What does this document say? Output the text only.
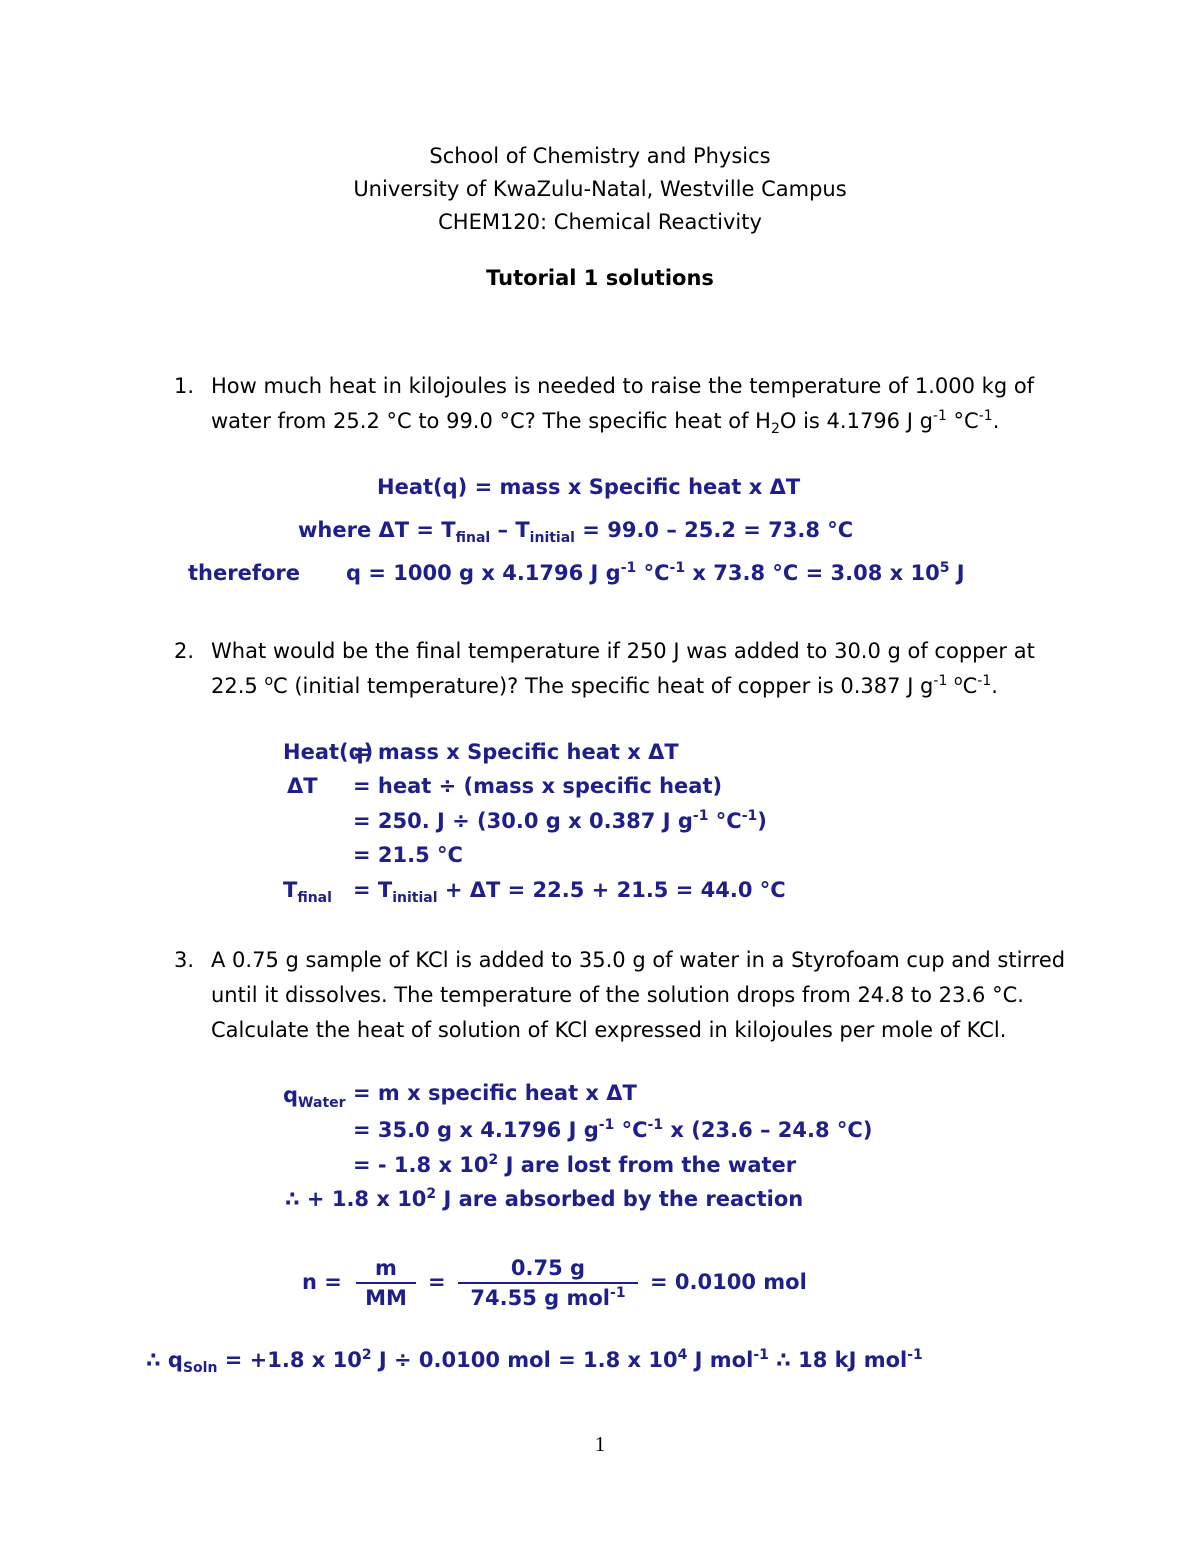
School of Chemistry and Physics
University of KwaZulu-Natal, Westville Campus
CHEM120: Chemical Reactivity
Tutorial 1 solutions
1. How much heat in kilojoules is needed to raise the temperature of 1.000 kg of
water from 25.2 °C to 99.0 °C? The specific heat of $H_2O$ is 4.1796 J $g^{-1}$ $^\circ C^{-1}$.
Heat(q) = mass x Specific heat x ΔT
where $\Delta T = T_{final} - T_{initial} = 99.0 - 25.2 = 73.8$ °C
therefore q = 1000 g x 4.1796 J $g^{-1}$ $^\circ C^{-1}$ x 73.8 °C = 3.08 x $10^5$ J
2. What would be the final temperature if 250 J was added to 30.0 g of copper at
22.5 $^o$C (initial temperature)? The specific heat of copper is 0.387 J $g^{-1}$ $^oC^{-1}$.
Heat(q)
= mass x Specific heat x ΔT
ΔT = heat ÷ (mass x specific heat)
= 250. J ÷ (30.0 g x 0.387 J $g^{-1}$ $^\circ C^{-1}$)
= 21.5 °C
$T_{final} = T_{initial} + \Delta T = 22.5 + 21.5 = 44.0$ °C
3. A 0.75 g sample of KCl is added to 35.0 g of water in a Styrofoam cup and stirred
until it dissolves. The temperature of the solution drops from 24.8 to 23.6 °C.
Calculate the heat of solution of KCl expressed in kilojoules per mole of KCl.
$q_{Water} = m$ x specific heat x ΔT
= 35.0 g x 4.1796 J $g^{-1}$ $^\circ C^{-1}$ x (23.6 – 24.8 °C)
= - 1.8 x $10^2$ J are lost from the water
∴ + 1.8 x $10^2$ J are absorbed by the reaction
n =
m
MM
=
0.75 g
74.55 g mol$^{-1}$	= 0.0100 mol
∴ $q_{Soln} = +1.8$ x $10^2$ J ÷ 0.0100 mol = 1.8 x $10^4$ J mol$^{-1}$ ∴ 18 kJ mol$^{-1}$
1
